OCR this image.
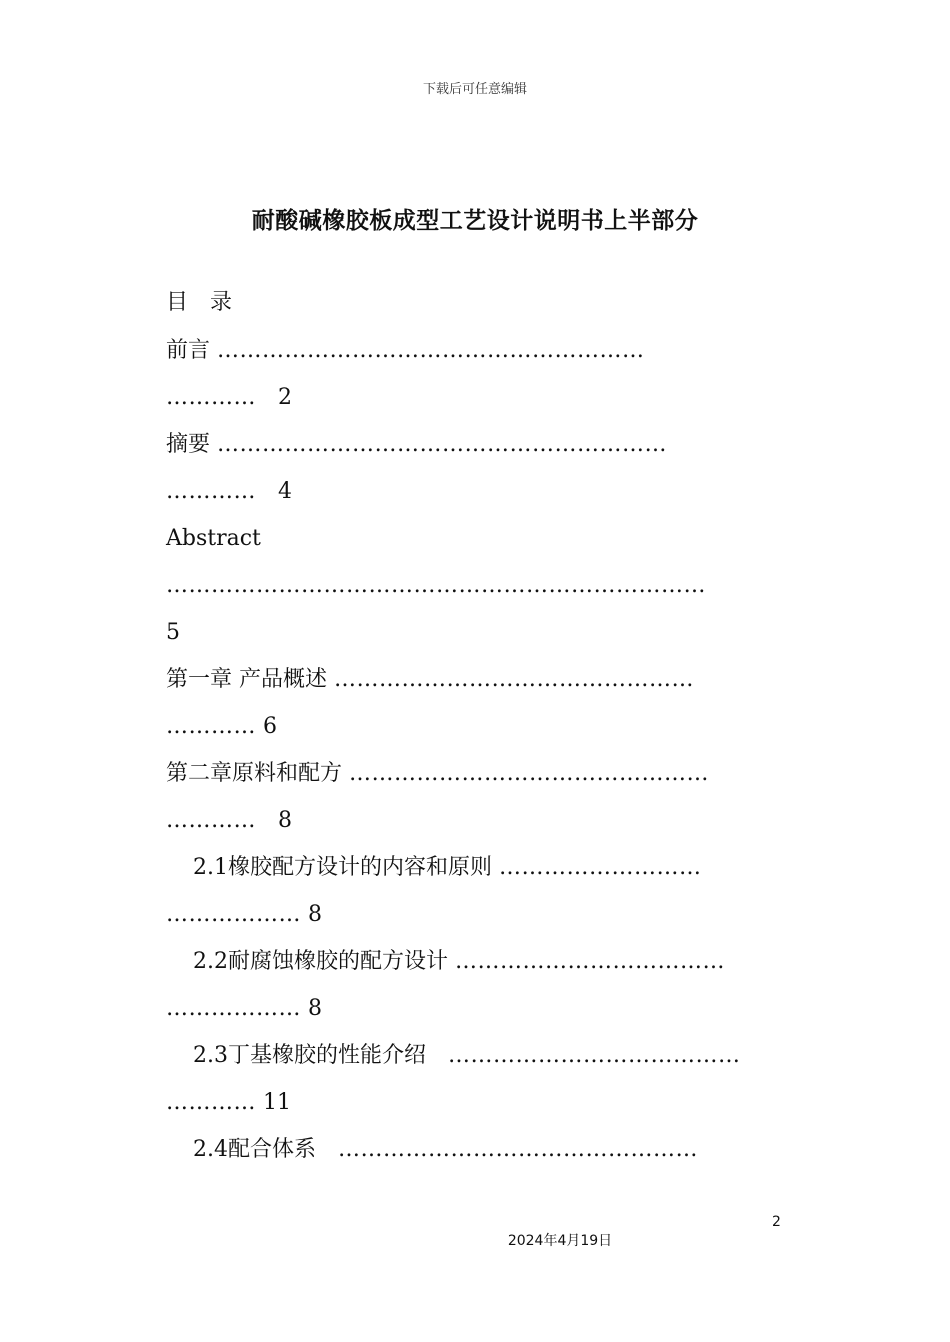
下载后可任意编辑
耐酸碱橡胶板成型工艺设计说明书上半部分
目　录
前言 …………………………………………………
…………　2
摘要 ……………………………………………………
…………　4
Abstract
………………………………………………………………
5
第一章 产品概述 …………………………………………
………… 6
第二章原料和配方 …………………………………………
…………　8
2.1橡胶配方设计的内容和原则 ………………………
……………… 8
2.2耐腐蚀橡胶的配方设计 ………………………………
……………… 8
2.3丁基橡胶的性能介绍　…………………………………
………… 11
2.4配合体系　…………………………………………
2
2024年4月19日
